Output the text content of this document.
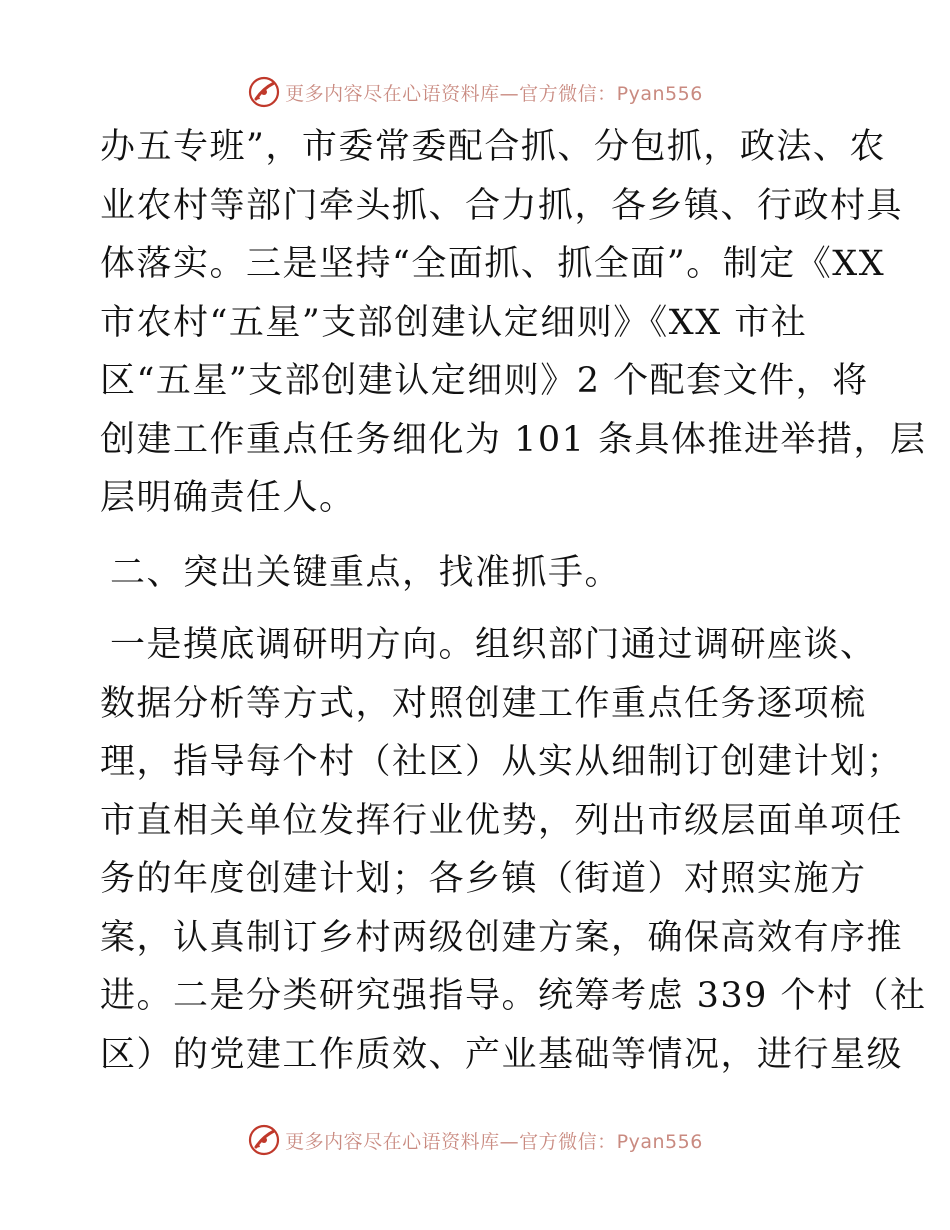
更多内容尽在心语资料库—官方微信：Pyan556
办五专班”，市委常委配合抓、分包抓，政法、农
业农村等部门牵头抓、合力抓，各乡镇、行政村具
体落实。三是坚持“全面抓、抓全面”。制定《XX
市农村“五星”支部创建认定细则》《XX 市社
区“五星”支部创建认定细则》2 个配套文件，将
创建工作重点任务细化为 101 条具体推进举措，层
层明确责任人。
二、突出关键重点，找准抓手。
一是摸底调研明方向。组织部门通过调研座谈、
数据分析等方式，对照创建工作重点任务逐项梳
理，指导每个村（社区）从实从细制订创建计划；
市直相关单位发挥行业优势，列出市级层面单项任
务的年度创建计划；各乡镇（街道）对照实施方
案，认真制订乡村两级创建方案，确保高效有序推
进。二是分类研究强指导。统筹考虑 339 个村（社
区）的党建工作质效、产业基础等情况，进行星级
更多内容尽在心语资料库—官方微信：Pyan556
